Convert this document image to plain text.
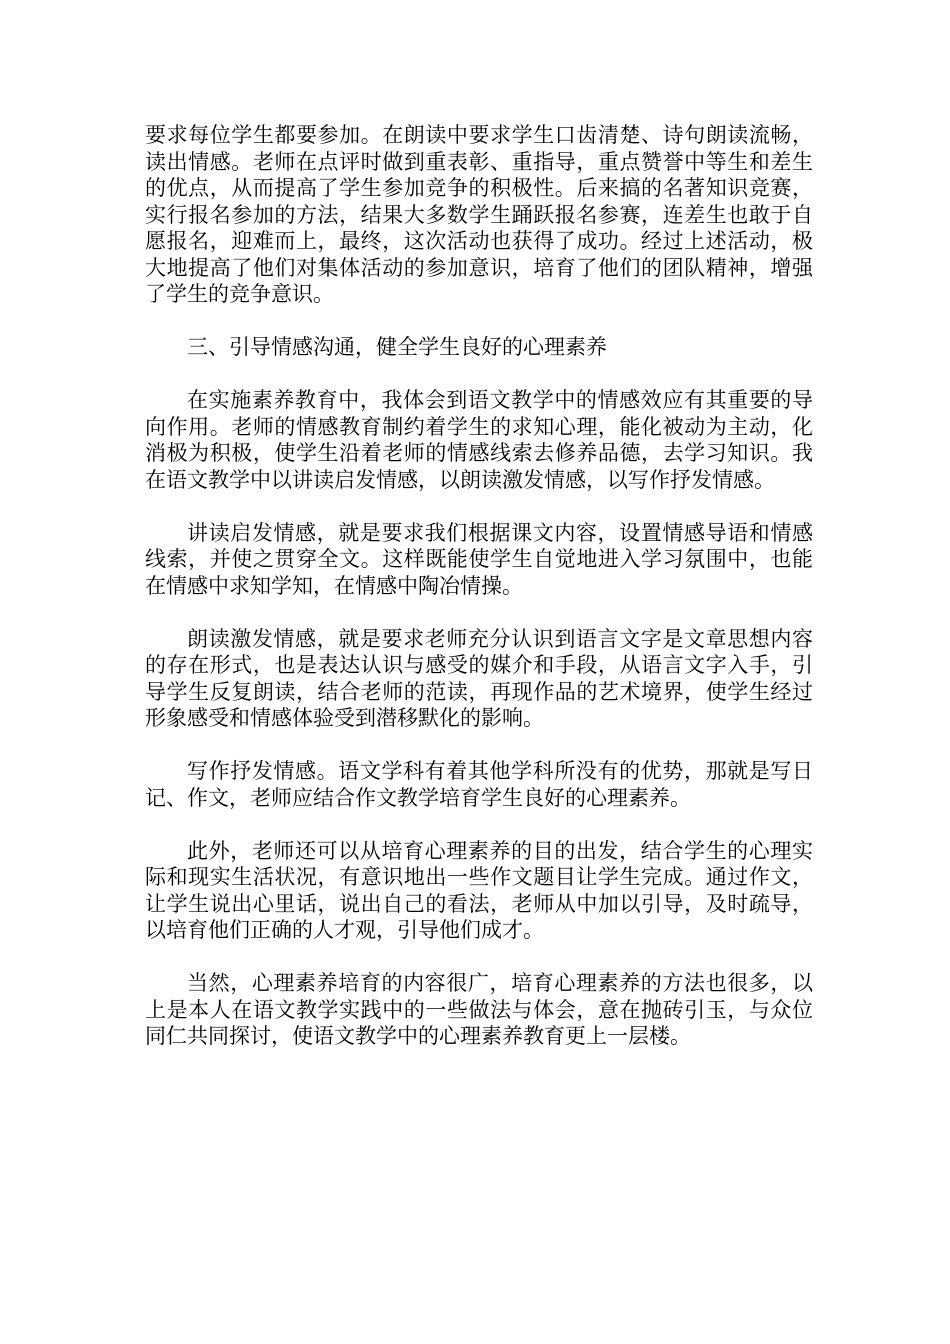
要求每位学生都要参加。在朗读中要求学生口齿清楚、诗句朗读流畅，读出情感。老师在点评时做到重表彰、重指导，重点赞誉中等生和差生的优点，从而提高了学生参加竞争的积极性。后来搞的名著知识竞赛，实行报名参加的方法，结果大多数学生踊跃报名参赛，连差生也敢于自愿报名，迎难而上，最终，这次活动也获得了成功。经过上述活动，极大地提高了他们对集体活动的参加意识，培育了他们的团队精神，增强了学生的竞争意识。

三、引导情感沟通，健全学生良好的心理素养

在实施素养教育中，我体会到语文教学中的情感效应有其重要的导向作用。老师的情感教育制约着学生的求知心理，能化被动为主动，化消极为积极，使学生沿着老师的情感线索去修养品德，去学习知识。我在语文教学中以讲读启发情感，以朗读激发情感，以写作抒发情感。

讲读启发情感，就是要求我们根据课文内容，设置情感导语和情感线索，并使之贯穿全文。这样既能使学生自觉地进入学习氛围中，也能在情感中求知学知，在情感中陶冶情操。

朗读激发情感，就是要求老师充分认识到语言文字是文章思想内容的存在形式，也是表达认识与感受的媒介和手段，从语言文字入手，引导学生反复朗读，结合老师的范读，再现作品的艺术境界，使学生经过形象感受和情感体验受到潜移默化的影响。

写作抒发情感。语文学科有着其他学科所没有的优势，那就是写日记、作文，老师应结合作文教学培育学生良好的心理素养。

此外，老师还可以从培育心理素养的目的出发，结合学生的心理实际和现实生活状况，有意识地出一些作文题目让学生完成。通过作文，让学生说出心里话，说出自己的看法，老师从中加以引导，及时疏导，以培育他们正确的人才观，引导他们成才。

当然，心理素养培育的内容很广，培育心理素养的方法也很多，以上是本人在语文教学实践中的一些做法与体会，意在抛砖引玉，与众位同仁共同探讨，使语文教学中的心理素养教育更上一层楼。
